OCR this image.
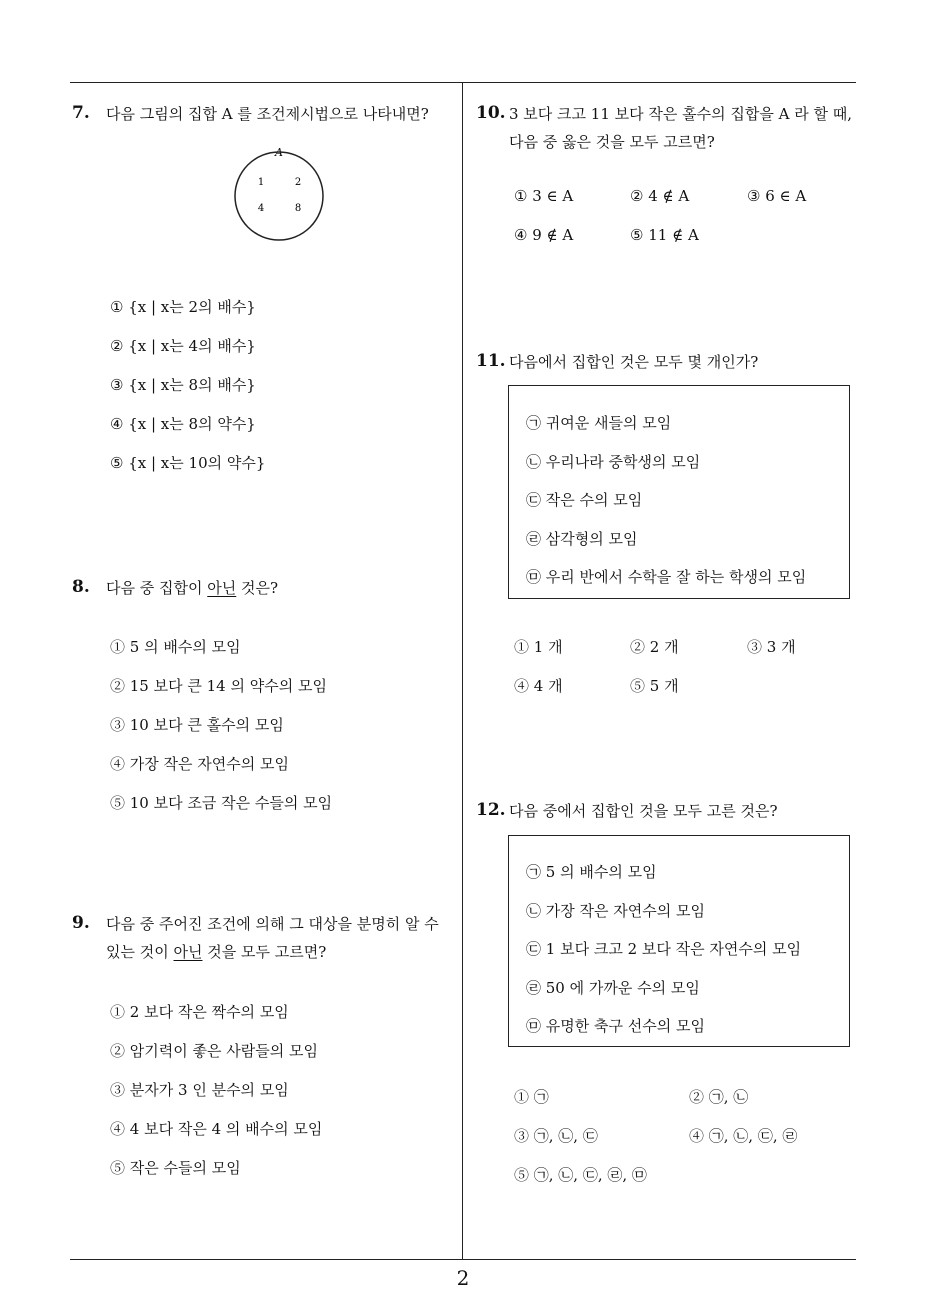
7. 다음 그림의 집합 A 를 조건제시법으로 나타내면?
A
1	2
4	8
① {x | x는 2의 배수}
② {x | x는 4의 배수}
③ {x | x는 8의 배수}
④ {x | x는 8의 약수}
⑤ {x | x는 10의 약수}
8. 다음 중 집합이 아닌 것은?
① 5 의 배수의 모임
② 15 보다 큰 14 의 약수의 모임
③ 10 보다 큰 홀수의 모임
④ 가장 작은 자연수의 모임
⑤ 10 보다 조금 작은 수들의 모임
9. 다음 중 주어진 조건에 의해 그 대상을 분명히 알 수
있는 것이 아닌 것을 모두 고르면?
① 2 보다 작은 짝수의 모임
② 암기력이 좋은 사람들의 모임
③ 분자가 3 인 분수의 모임
④ 4 보다 작은 4 의 배수의 모임
⑤ 작은 수들의 모임
10. 3 보다 크고 11 보다 작은 홀수의 집합을 A 라 할 때,
다음 중 옳은 것을 모두 고르면?
① 3 ∈ A	② 4 ∉ A	③ 6 ∈ A
④ 9 ∉ A	⑤ 11 ∉ A
11. 다음에서 집합인 것은 모두 몇 개인가?
㉠ 귀여운 새들의 모임
㉡ 우리나라 중학생의 모임
㉢ 작은 수의 모임
㉣ 삼각형의 모임
㉤ 우리 반에서 수학을 잘 하는 학생의 모임
① 1 개	② 2 개	③ 3 개
④ 4 개	⑤ 5 개
12. 다음 중에서 집합인 것을 모두 고른 것은?
㉠ 5 의 배수의 모임
㉡ 가장 작은 자연수의 모임
㉢ 1 보다 크고 2 보다 작은 자연수의 모임
㉣ 50 에 가까운 수의 모임
㉤ 유명한 축구 선수의 모임
① ㉠	② ㉠, ㉡
③ ㉠, ㉡, ㉢	④ ㉠, ㉡, ㉢, ㉣
⑤ ㉠, ㉡, ㉢, ㉣, ㉤
2
